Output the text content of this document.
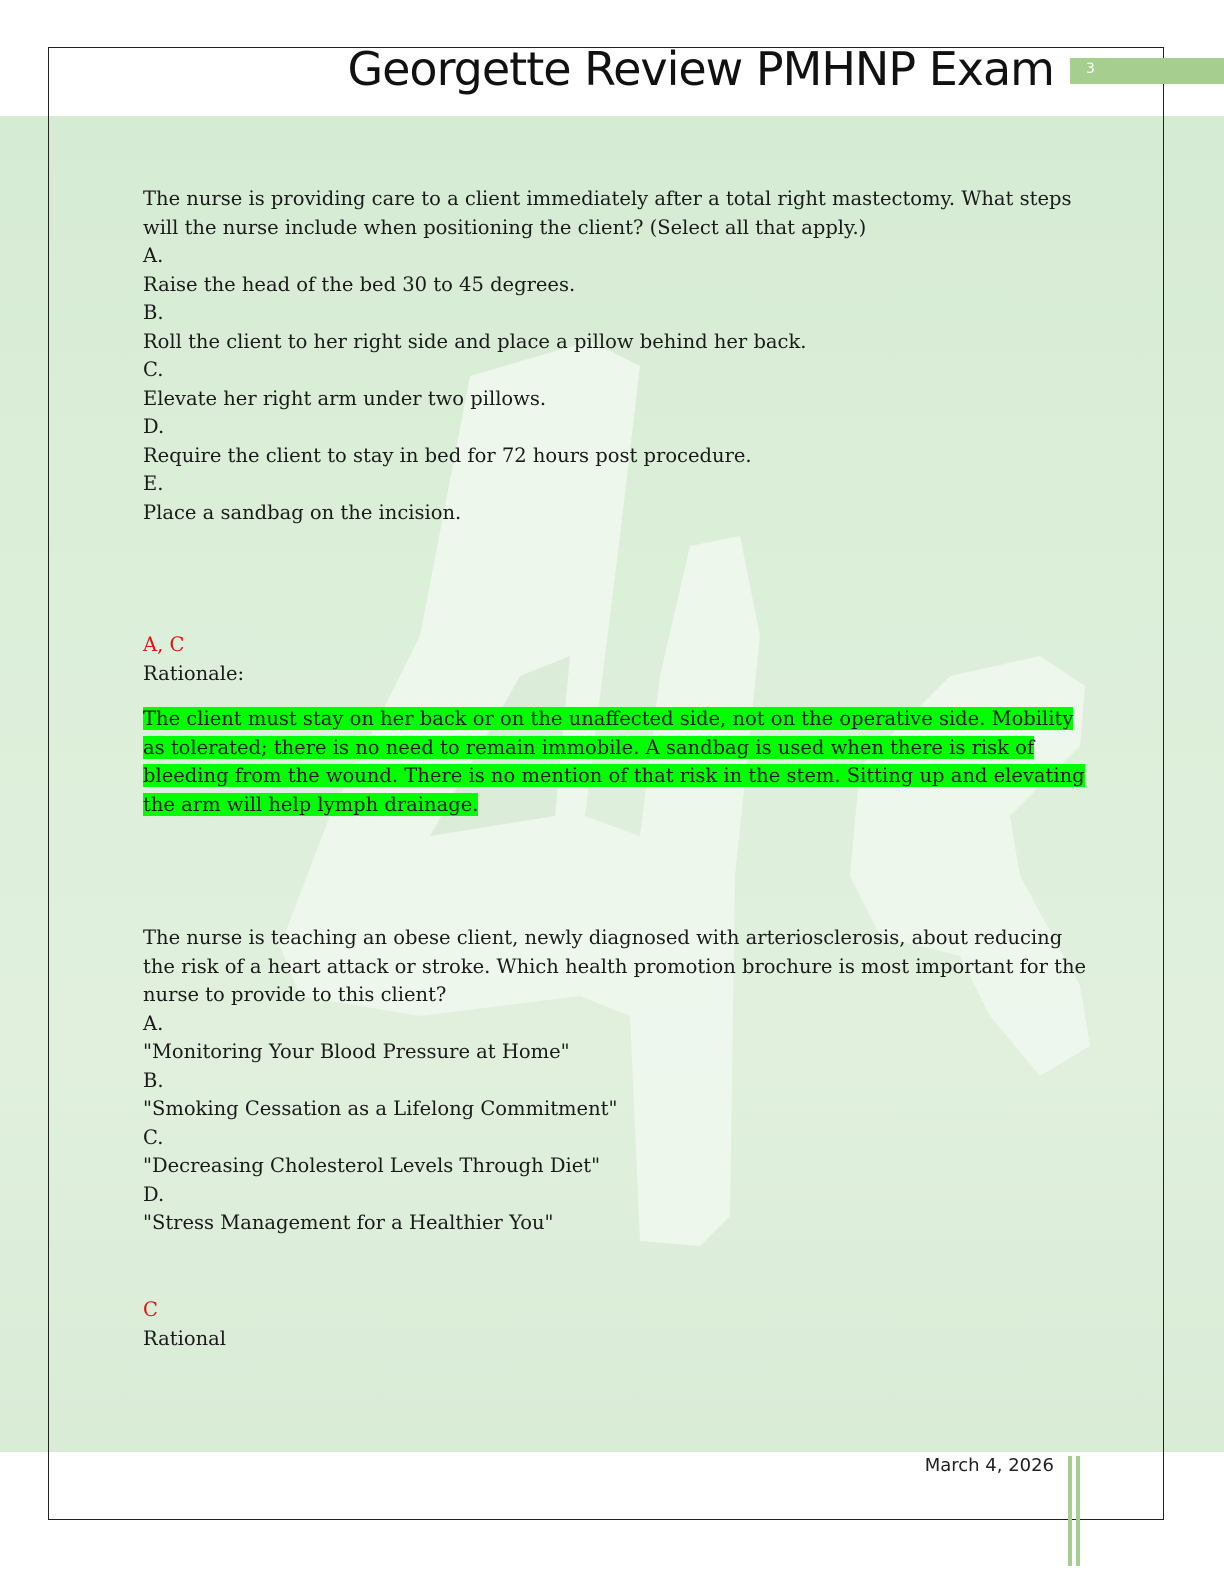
Georgette Review PMHNP Exam 3
The nurse is providing care to a client immediately after a total right mastectomy. What steps
will the nurse include when positioning the client? (Select all that apply.)
A.
Raise the head of the bed 30 to 45 degrees.
B.
Roll the client to her right side and place a pillow behind her back.
C.
Elevate her right arm under two pillows.
D.
Require the client to stay in bed for 72 hours post procedure.
E.
Place a sandbag on the incision.
A, C
Rationale:
The client must stay on her back or on the unaffected side, not on the operative side. Mobility
as tolerated; there is no need to remain immobile. A sandbag is used when there is risk of
bleeding from the wound. There is no mention of that risk in the stem. Sitting up and elevating
the arm will help lymph drainage.
The nurse is teaching an obese client, newly diagnosed with arteriosclerosis, about reducing
the risk of a heart attack or stroke. Which health promotion brochure is most important for the
nurse to provide to this client?
A.
"Monitoring Your Blood Pressure at Home"
B.
"Smoking Cessation as a Lifelong Commitment"
C.
"Decreasing Cholesterol Levels Through Diet"
D.
"Stress Management for a Healthier You"
C
Rational
March 4, 2026
